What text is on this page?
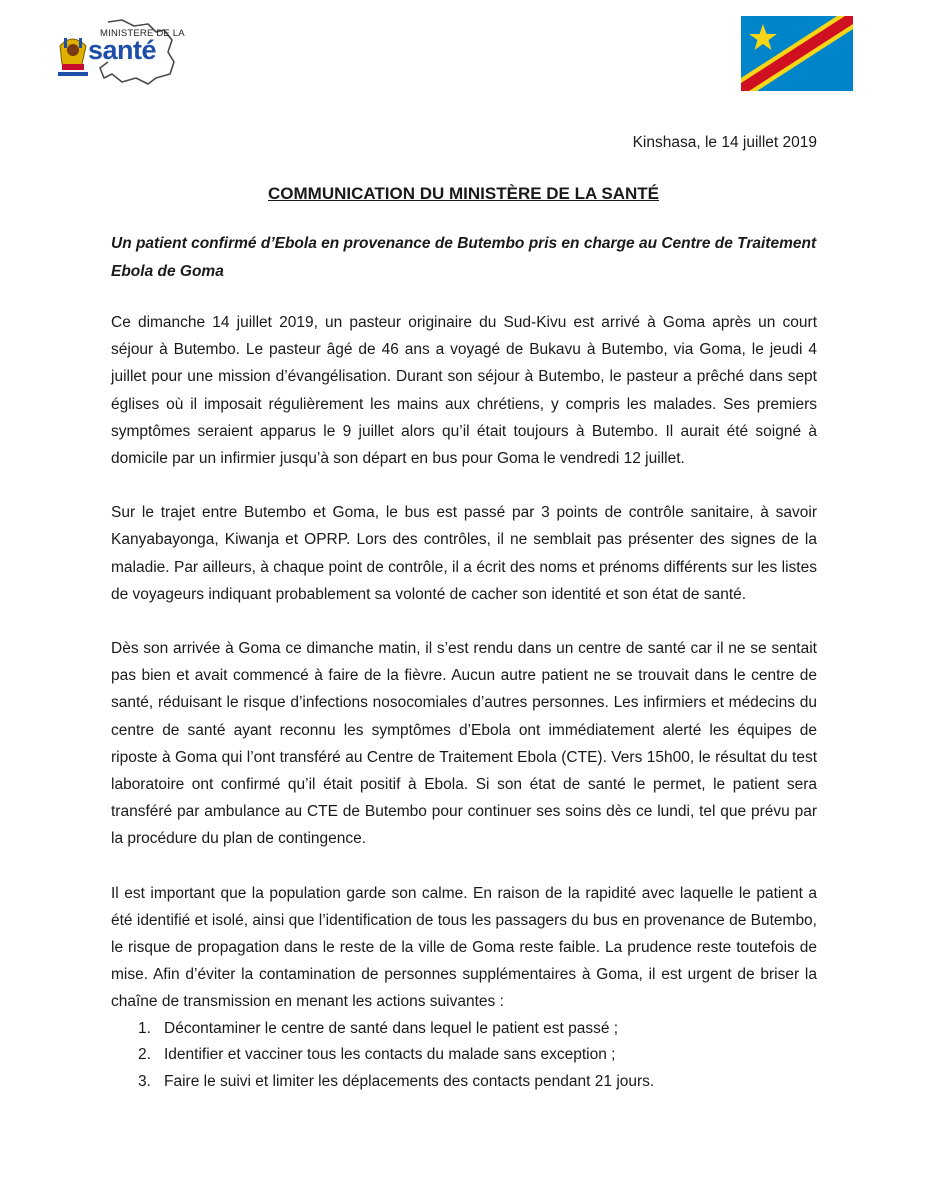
MINISTERE DE LA
santé
Kinshasa, le 14 juillet 2019
COMMUNICATION DU MINISTÈRE DE LA SANTÉ

Un patient confirmé d’Ebola en provenance de Butembo pris en charge au Centre de Traitement Ebola de Goma

Ce dimanche 14 juillet 2019, un pasteur originaire du Sud-Kivu est arrivé à Goma après un court séjour à Butembo. Le pasteur âgé de 46 ans a voyagé de Bukavu à Butembo, via Goma, le jeudi 4 juillet pour une mission d’évangélisation. Durant son séjour à Butembo, le pasteur a prêché dans sept églises où il imposait régulièrement les mains aux chrétiens, y compris les malades. Ses premiers symptômes seraient apparus le 9 juillet alors qu’il était toujours à Butembo. Il aurait été soigné à domicile par un infirmier jusqu’à son départ en bus pour Goma le vendredi 12 juillet.

Sur le trajet entre Butembo et Goma, le bus est passé par 3 points de contrôle sanitaire, à savoir Kanyabayonga, Kiwanja et OPRP. Lors des contrôles, il ne semblait pas présenter des signes de la maladie. Par ailleurs, à chaque point de contrôle, il a écrit des noms et prénoms différents sur les listes de voyageurs indiquant probablement sa volonté de cacher son identité et son état de santé.

Dès son arrivée à Goma ce dimanche matin, il s’est rendu dans un centre de santé car il ne se sentait pas bien et avait commencé à faire de la fièvre. Aucun autre patient ne se trouvait dans le centre de santé, réduisant le risque d’infections nosocomiales d’autres personnes. Les infirmiers et médecins du centre de santé ayant reconnu les symptômes d’Ebola ont immédiatement alerté les équipes de riposte à Goma qui l’ont transféré au Centre de Traitement Ebola (CTE). Vers 15h00, le résultat du test laboratoire ont confirmé qu’il était positif à Ebola. Si son état de santé le permet, le patient sera transféré par ambulance au CTE de Butembo pour continuer ses soins dès ce lundi, tel que prévu par la procédure du plan de contingence.

Il est important que la population garde son calme. En raison de la rapidité avec laquelle le patient a été identifié et isolé, ainsi que l’identification de tous les passagers du bus en provenance de Butembo, le risque de propagation dans le reste de la ville de Goma reste faible. La prudence reste toutefois de mise. Afin d’éviter la contamination de personnes supplémentaires à Goma, il est urgent de briser la chaîne de transmission en menant les actions suivantes :

1. Décontaminer le centre de santé dans lequel le patient est passé ;
2. Identifier et vacciner tous les contacts du malade sans exception ;
3. Faire le suivi et limiter les déplacements des contacts pendant 21 jours.
